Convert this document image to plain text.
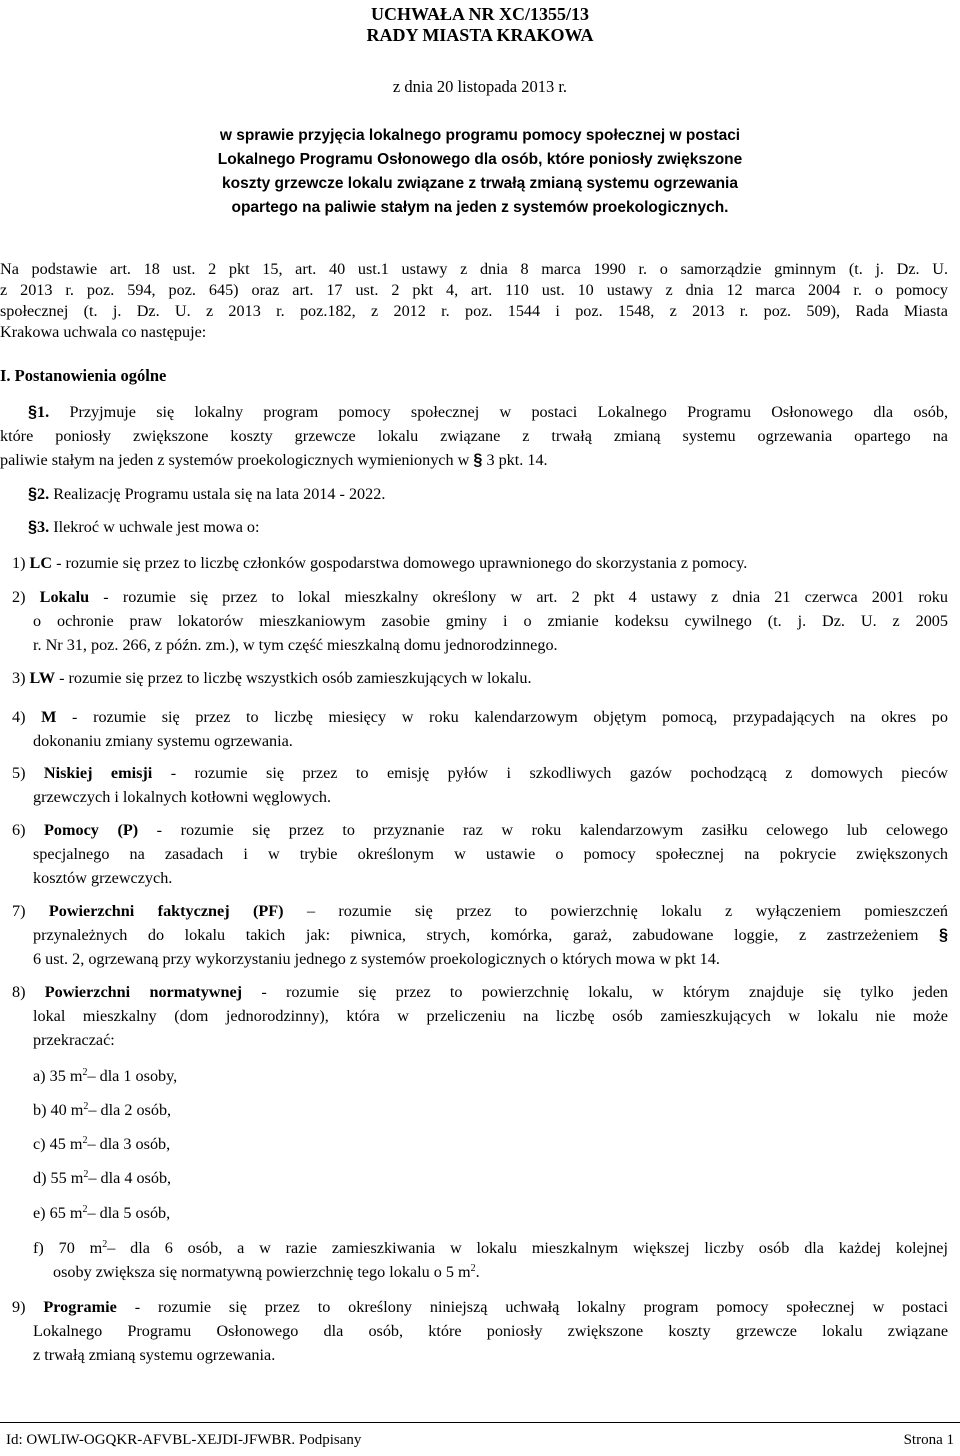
UCHWAŁA NR XC/1355/13
RADY MIASTA KRAKOWA
z dnia 20 listopada 2013 r.
w sprawie przyjęcia lokalnego programu pomocy społecznej w postaci
Lokalnego Programu Osłonowego dla osób, które poniosły zwiększone
koszty grzewcze lokalu związane z trwałą zmianą systemu ogrzewania
opartego na paliwie stałym na jeden z systemów proekologicznych.
Na podstawie art. 18 ust. 2 pkt 15, art. 40 ust.1 ustawy z dnia 8 marca 1990 r. o samorządzie gminnym (t. j. Dz. U.
z 2013 r. poz. 594, poz. 645) oraz art. 17 ust. 2 pkt 4, art. 110 ust. 10 ustawy z dnia 12 marca 2004 r. o pomocy
społecznej (t. j. Dz. U. z 2013 r. poz.182, z 2012 r. poz. 1544 i poz. 1548, z 2013 r. poz. 509), Rada Miasta
Krakowa uchwala co następuje:
I. Postanowienia ogólne
§1. Przyjmuje się lokalny program pomocy społecznej w postaci Lokalnego Programu Osłonowego dla osób,
które poniosły zwiększone koszty grzewcze lokalu związane z trwałą zmianą systemu ogrzewania opartego na
paliwie stałym na jeden z systemów proekologicznych wymienionych w § 3 pkt. 14.
§2. Realizację Programu ustala się na lata 2014 - 2022.
§3. Ilekroć w uchwale jest mowa o:
1) LC - rozumie się przez to liczbę członków gospodarstwa domowego uprawnionego do skorzystania z pomocy.
2) Lokalu - rozumie się przez to lokal mieszkalny określony w art. 2 pkt 4 ustawy z dnia 21 czerwca 2001 roku
o ochronie praw lokatorów mieszkaniowym zasobie gminy i o zmianie kodeksu cywilnego (t. j. Dz. U. z 2005
r. Nr 31, poz. 266, z późn. zm.), w tym część mieszkalną domu jednorodzinnego.
3) LW - rozumie się przez to liczbę wszystkich osób zamieszkujących w lokalu.
4) M - rozumie się przez to liczbę miesięcy w roku kalendarzowym objętym pomocą, przypadających na okres po
dokonaniu zmiany systemu ogrzewania.
5) Niskiej emisji - rozumie się przez to emisję pyłów i szkodliwych gazów pochodzącą z domowych pieców
grzewczych i lokalnych kotłowni węglowych.
6) Pomocy (P) - rozumie się przez to przyznanie raz w roku kalendarzowym zasiłku celowego lub celowego
specjalnego na zasadach i w trybie określonym w ustawie o pomocy społecznej na pokrycie zwiększonych
kosztów grzewczych.
7) Powierzchni faktycznej (PF) – rozumie się przez to powierzchnię lokalu z wyłączeniem pomieszczeń
przynależnych do lokalu takich jak: piwnica, strych, komórka, garaż, zabudowane loggie, z zastrzeżeniem §
6 ust. 2, ogrzewaną przy wykorzystaniu jednego z systemów proekologicznych o których mowa w pkt 14.
8) Powierzchni normatywnej - rozumie się przez to powierzchnię lokalu, w którym znajduje się tylko jeden
lokal mieszkalny (dom jednorodzinny), która w przeliczeniu na liczbę osób zamieszkujących w lokalu nie może
przekraczać:
a) 35 $m^2-$ dla 1 osoby,
b) 40 $m^2-$ dla 2 osób,
c) 45 $m^2-$ dla 3 osób,
d) 55 $m^2-$ dla 4 osób,
e) 65 $m^2-$ dla 5 osób,
f) 70 $m^2-$ dla 6 osób, a w razie zamieszkiwania w lokalu mieszkalnym większej liczby osób dla każdej kolejnej
osoby zwiększa się normatywną powierzchnię tego lokalu o 5 $m^2$.
9) Programie - rozumie się przez to określony niniejszą uchwałą lokalny program pomocy społecznej w postaci
Lokalnego Programu Osłonowego dla osób, które poniosły zwiększone koszty grzewcze lokalu związane
z trwałą zmianą systemu ogrzewania.
Id: OWLIW-OGQKR-AFVBL-XEJDI-JFWBR. Podpisany	Strona 1
